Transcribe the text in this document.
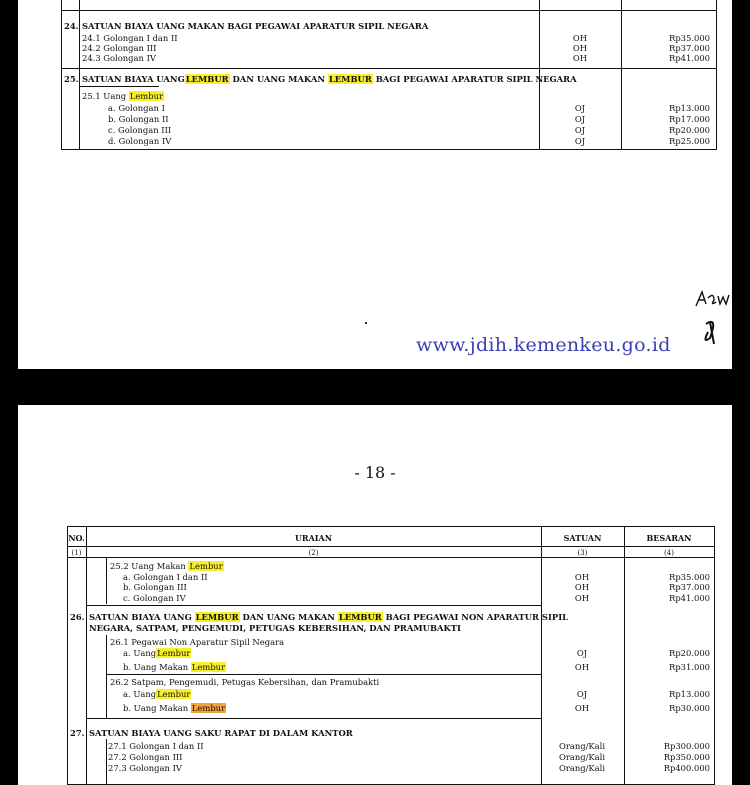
24. SATUAN BIAYA UANG MAKAN BAGI PEGAWAI APARATUR SIPIL NEGARA
24.1 Golongan I dan II	OH	Rp35.000
24.2 Golongan III	OH	Rp37.000
24.3 Golongan IV	OH	Rp41.000
25. SATUAN BIAYA UANGLEMBUR DAN UANG MAKAN LEMBUR BAGI PEGAWAI APARATUR SIPIL NEGARA
25.1 Uang Lembur
a. Golongan I	OJ	Rp13.000
b. Golongan II	OJ	Rp17.000
c. Golongan III	OJ	Rp20.000
d. Golongan IV	OJ	Rp25.000
www.jdih.kemenkeu.go.id
- 18 -
NO.	URAIAN	SATUAN	BESARAN
(1)	(2)	(3)	(4)
25.2 Uang Makan Lembur
a. Golongan I dan II	OH	Rp35.000
b. Golongan III	OH	Rp37.000
c. Golongan IV	OH	Rp41.000
26. SATUAN BIAYA UANG LEMBUR DAN UANG MAKAN LEMBUR BAGI PEGAWAI NON APARATUR SIPIL
NEGARA, SATPAM, PENGEMUDI, PETUGAS KEBERSIHAN, DAN PRAMUBAKTI
26.1 Pegawai Non Aparatur Sipil Negara
a. UangLembur	OJ	Rp20.000
b. Uang Makan Lembur	OH	Rp31.000
26.2 Satpam, Pengemudi, Petugas Kebersihan, dan Pramubakti
a. UangLembur	OJ	Rp13.000
b. Uang Makan Lembur	OH	Rp30.000
27. SATUAN BIAYA UANG SAKU RAPAT DI DALAM KANTOR
27.1 Golongan I dan II	Orang/Kali	Rp300.000
27.2 Golongan III	Orang/Kali	Rp350.000
27.3 Golongan IV	Orang/Kali	Rp400.000
